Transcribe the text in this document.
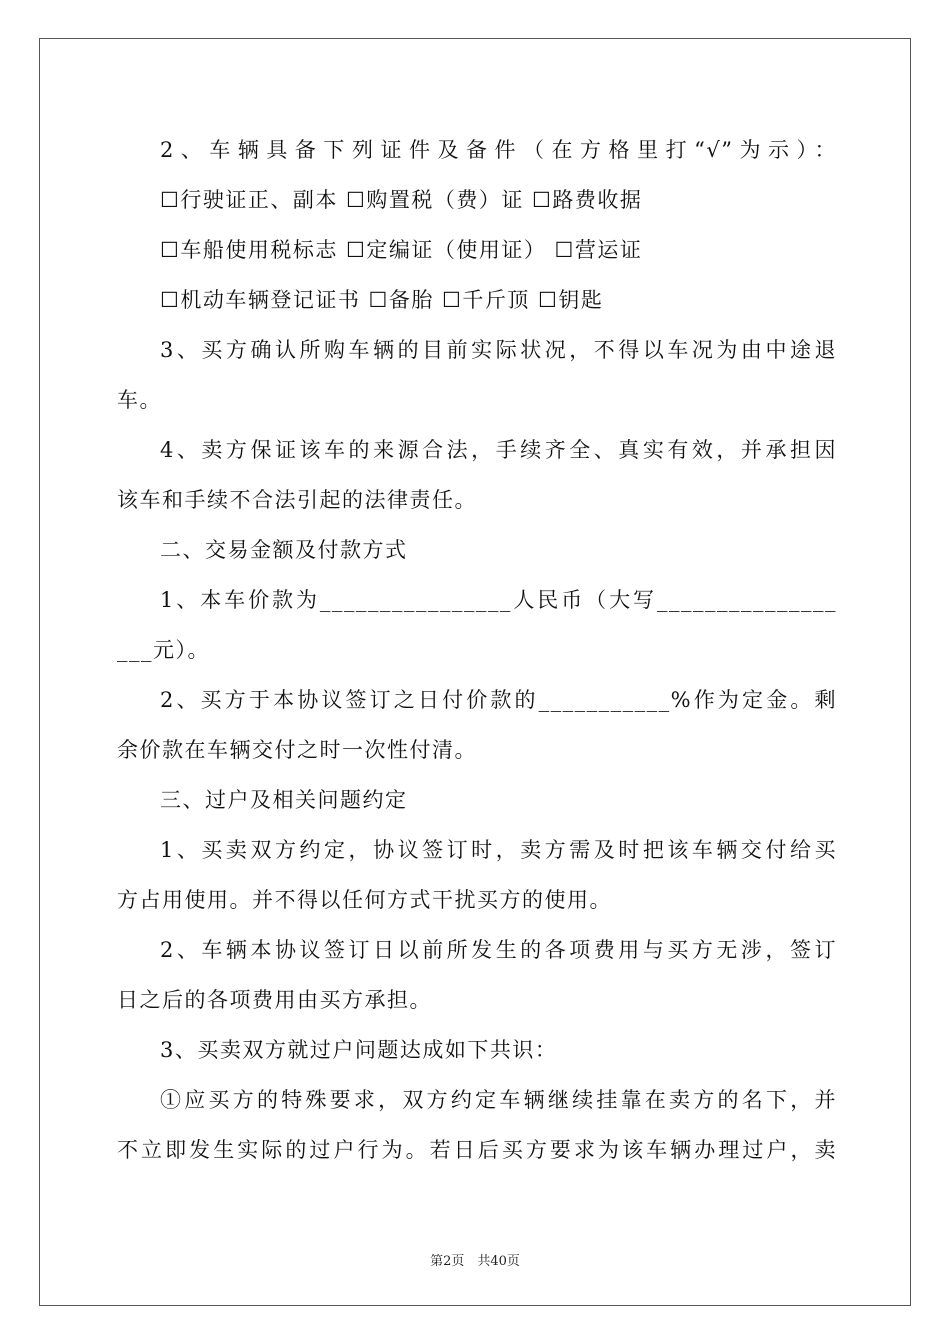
2、车辆具备下列证件及备件（在方格里打“√”为示）：
☐行驶证正、副本 ☐购置税（费）证 ☐路费收据
☐车船使用税标志 ☐定编证（使用证） ☐营运证
☐机动车辆登记证书 ☐备胎 ☐千斤顶 ☐钥匙
3、买方确认所购车辆的目前实际状况，不得以车况为由中途退
车。
4、卖方保证该车的来源合法，手续齐全、真实有效，并承担因
该车和手续不合法引起的法律责任。
二、交易金额及付款方式
1、本车价款为________________人民币（大写_______________
___元）。
2、买方于本协议签订之日付价款的___________%作为定金。剩
余价款在车辆交付之时一次性付清。
三、过户及相关问题约定
1、买卖双方约定，协议签订时，卖方需及时把该车辆交付给买
方占用使用。并不得以任何方式干扰买方的使用。
2、车辆本协议签订日以前所发生的各项费用与买方无涉，签订
日之后的各项费用由买方承担。
3、买卖双方就过户问题达成如下共识：
①应买方的特殊要求，双方约定车辆继续挂靠在卖方的名下，并
不立即发生实际的过户行为。若日后买方要求为该车辆办理过户，卖
第2页　共40页
